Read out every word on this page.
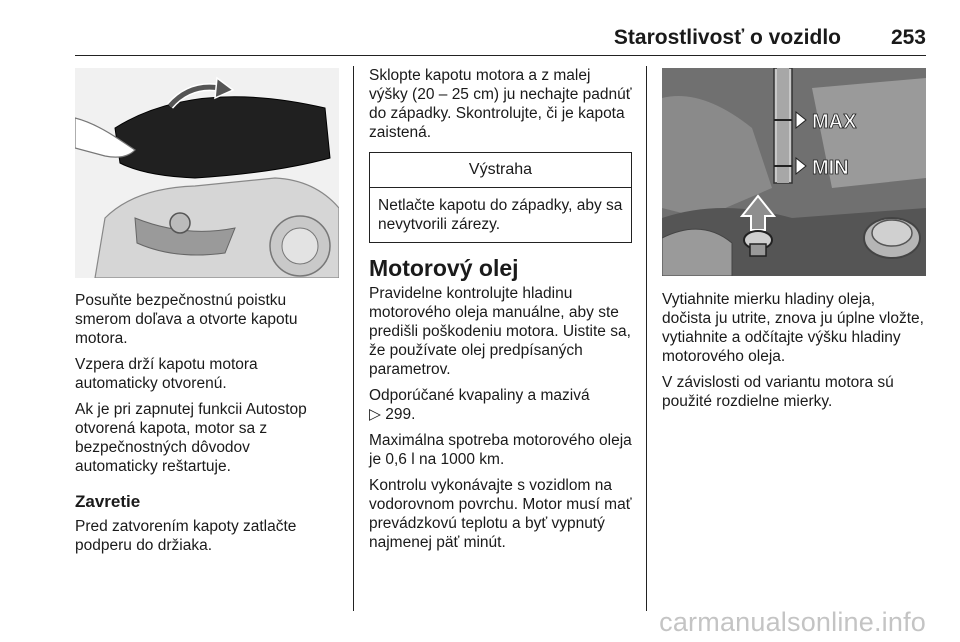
Starostlivosť o vozidlo 253

Posuňte bezpečnostnú poistku smerom doľava a otvorte kapotu motora.

Vzpera drží kapotu motora automaticky otvorenú.

Ak je pri zapnutej funkcii Autostop otvorená kapota, motor sa z bezpečnostných dôvodov automaticky reštartuje.

Zavretie

Pred zatvorením kapoty zatlačte podperu do držiaka.

Sklopte kapotu motora a z malej výšky (20 – 25 cm) ju nechajte padnúť do západky. Skontrolujte, či je kapota zaistená.

Výstraha
Netlačte kapotu do západky, aby sa nevytvorili zárezy.
Motorový olej

Pravidelne kontrolujte hladinu motorového oleja manuálne, aby ste predišli poškodeniu motora. Uistite sa, že používate olej predpísaných parametrov.

Odporúčané kvapaliny a mazivá
▷ 299.

Maximálna spotreba motorového oleja je 0,6 l na 1000 km.

Kontrolu vykonávajte s vozidlom na vodorovnom povrchu. Motor musí mať prevádzkovú teplotu a byť vypnutý najmenej päť minút.

MAX
MIN

Vytiahnite mierku hladiny oleja, dočista ju utrite, znova ju úplne vložte, vytiahnite a odčítajte výšku hladiny motorového oleja.

V závislosti od variantu motora sú použité rozdielne mierky.

carmanualsonline.info
